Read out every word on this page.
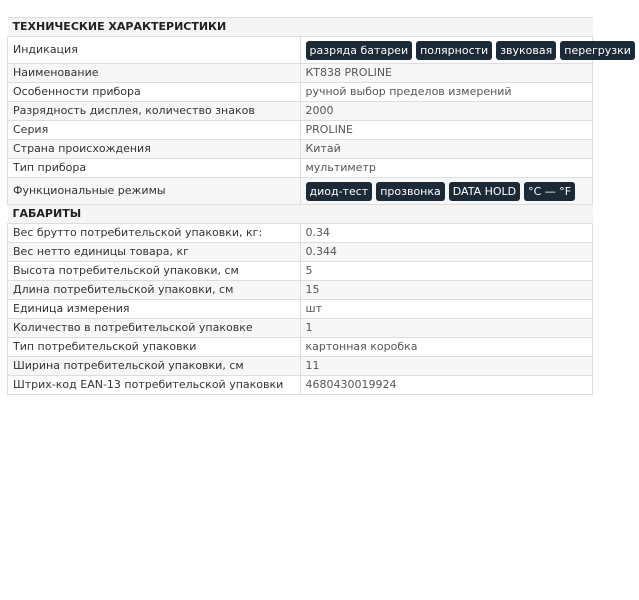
ТЕХНИЧЕСКИЕ ХАРАКТЕРИСТИКИ	
Индикация	разряда батареи полярности звуковая перегрузки
Наименование	КТ838 PROLINE
Особенности прибора	ручной выбор пределов измерений
Разрядность дисплея, количество знаков	2000
Серия	PROLINE
Страна происхождения	Китай
Тип прибора	мультиметр
Функциональные режимы	диод-тест прозвонка DATA HOLD °C — °F
ГАБАРИТЫ	
Вес брутто потребительской упаковки, кг:	0.34
Вес нетто единицы товара, кг	0.344
Высота потребительской упаковки, см	5
Длина потребительской упаковки, см	15
Единица измерения	шт
Количество в потребительской упаковке	1
Тип потребительской упаковки	картонная коробка
Ширина потребительской упаковки, см	11
Штрих-код EAN-13 потребительской упаковки	4680430019924
